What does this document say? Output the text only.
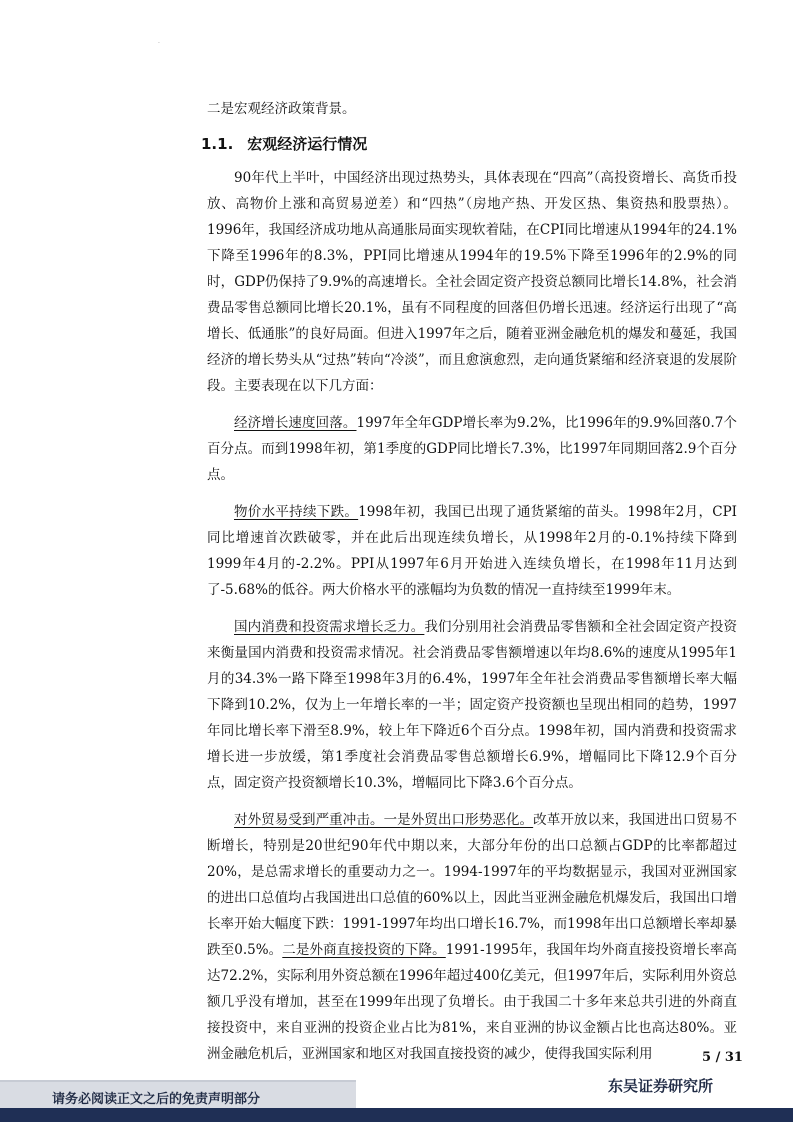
.

二是宏观经济政策背景。

1.1. 宏观经济运行情况

90年代上半叶，中国经济出现过热势头，具体表现在“四高”（高投资增长、高货币投放、高物价上涨和高贸易逆差）和“四热”（房地产热、开发区热、集资热和股票热）。1996年，我国经济成功地从高通胀局面实现软着陆，在CPI同比增速从1994年的24.1%下降至1996年的8.3%，PPI同比增速从1994年的19.5%下降至1996年的2.9%的同时，GDP仍保持了9.9%的高速增长。全社会固定资产投资总额同比增长14.8%，社会消费品零售总额同比增长20.1%，虽有不同程度的回落但仍增长迅速。经济运行出现了“高增长、低通胀”的良好局面。但进入1997年之后，随着亚洲金融危机的爆发和蔓延，我国经济的增长势头从“过热”转向“冷淡”，而且愈演愈烈，走向通货紧缩和经济衰退的发展阶段。主要表现在以下几方面：

经济增长速度回落。1997年全年GDP增长率为9.2%，比1996年的9.9%回落0.7个百分点。而到1998年初，第1季度的GDP同比增长7.3%，比1997年同期回落2.9个百分点。

物价水平持续下跌。1998年初，我国已出现了通货紧缩的苗头。1998年2月，CPI同比增速首次跌破零，并在此后出现连续负增长，从1998年2月的-0.1%持续下降到1999年4月的-2.2%。PPI从1997年6月开始进入连续负增长，在1998年11月达到了-5.68%的低谷。两大价格水平的涨幅均为负数的情况一直持续至1999年末。

国内消费和投资需求增长乏力。我们分别用社会消费品零售额和全社会固定资产投资来衡量国内消费和投资需求情况。社会消费品零售额增速以年均8.6%的速度从1995年1月的34.3%一路下降至1998年3月的6.4%，1997年全年社会消费品零售额增长率大幅下降到10.2%，仅为上一年增长率的一半；固定资产投资额也呈现出相同的趋势，1997年同比增长率下滑至8.9%，较上年下降近6个百分点。1998年初，国内消费和投资需求增长进一步放缓，第1季度社会消费品零售总额增长6.9%，增幅同比下降12.9个百分点，固定资产投资额增长10.3%，增幅同比下降3.6个百分点。

对外贸易受到严重冲击。一是外贸出口形势恶化。改革开放以来，我国进出口贸易不断增长，特别是20世纪90年代中期以来，大部分年份的出口总额占GDP的比率都超过20%，是总需求增长的重要动力之一。1994-1997年的平均数据显示，我国对亚洲国家的进出口总值均占我国进出口总值的60%以上，因此当亚洲金融危机爆发后，我国出口增长率开始大幅度下跌：1991-1997年均出口增长16.7%，而1998年出口总额增长率却暴跌至0.5%。二是外商直接投资的下降。1991-1995年，我国年均外商直接投资增长率高达72.2%，实际利用外资总额在1996年超过400亿美元，但1997年后，实际利用外资总额几乎没有增加，甚至在1999年出现了负增长。由于我国二十多年来总共引进的外商直接投资中，来自亚洲的投资企业占比为81%，来自亚洲的协议金额占比也高达80%。亚洲金融危机后，亚洲国家和地区对我国直接投资的减少，使得我国实际利用	5 / 31
请务必阅读正文之后的免责声明部分
东吴证券研究所
